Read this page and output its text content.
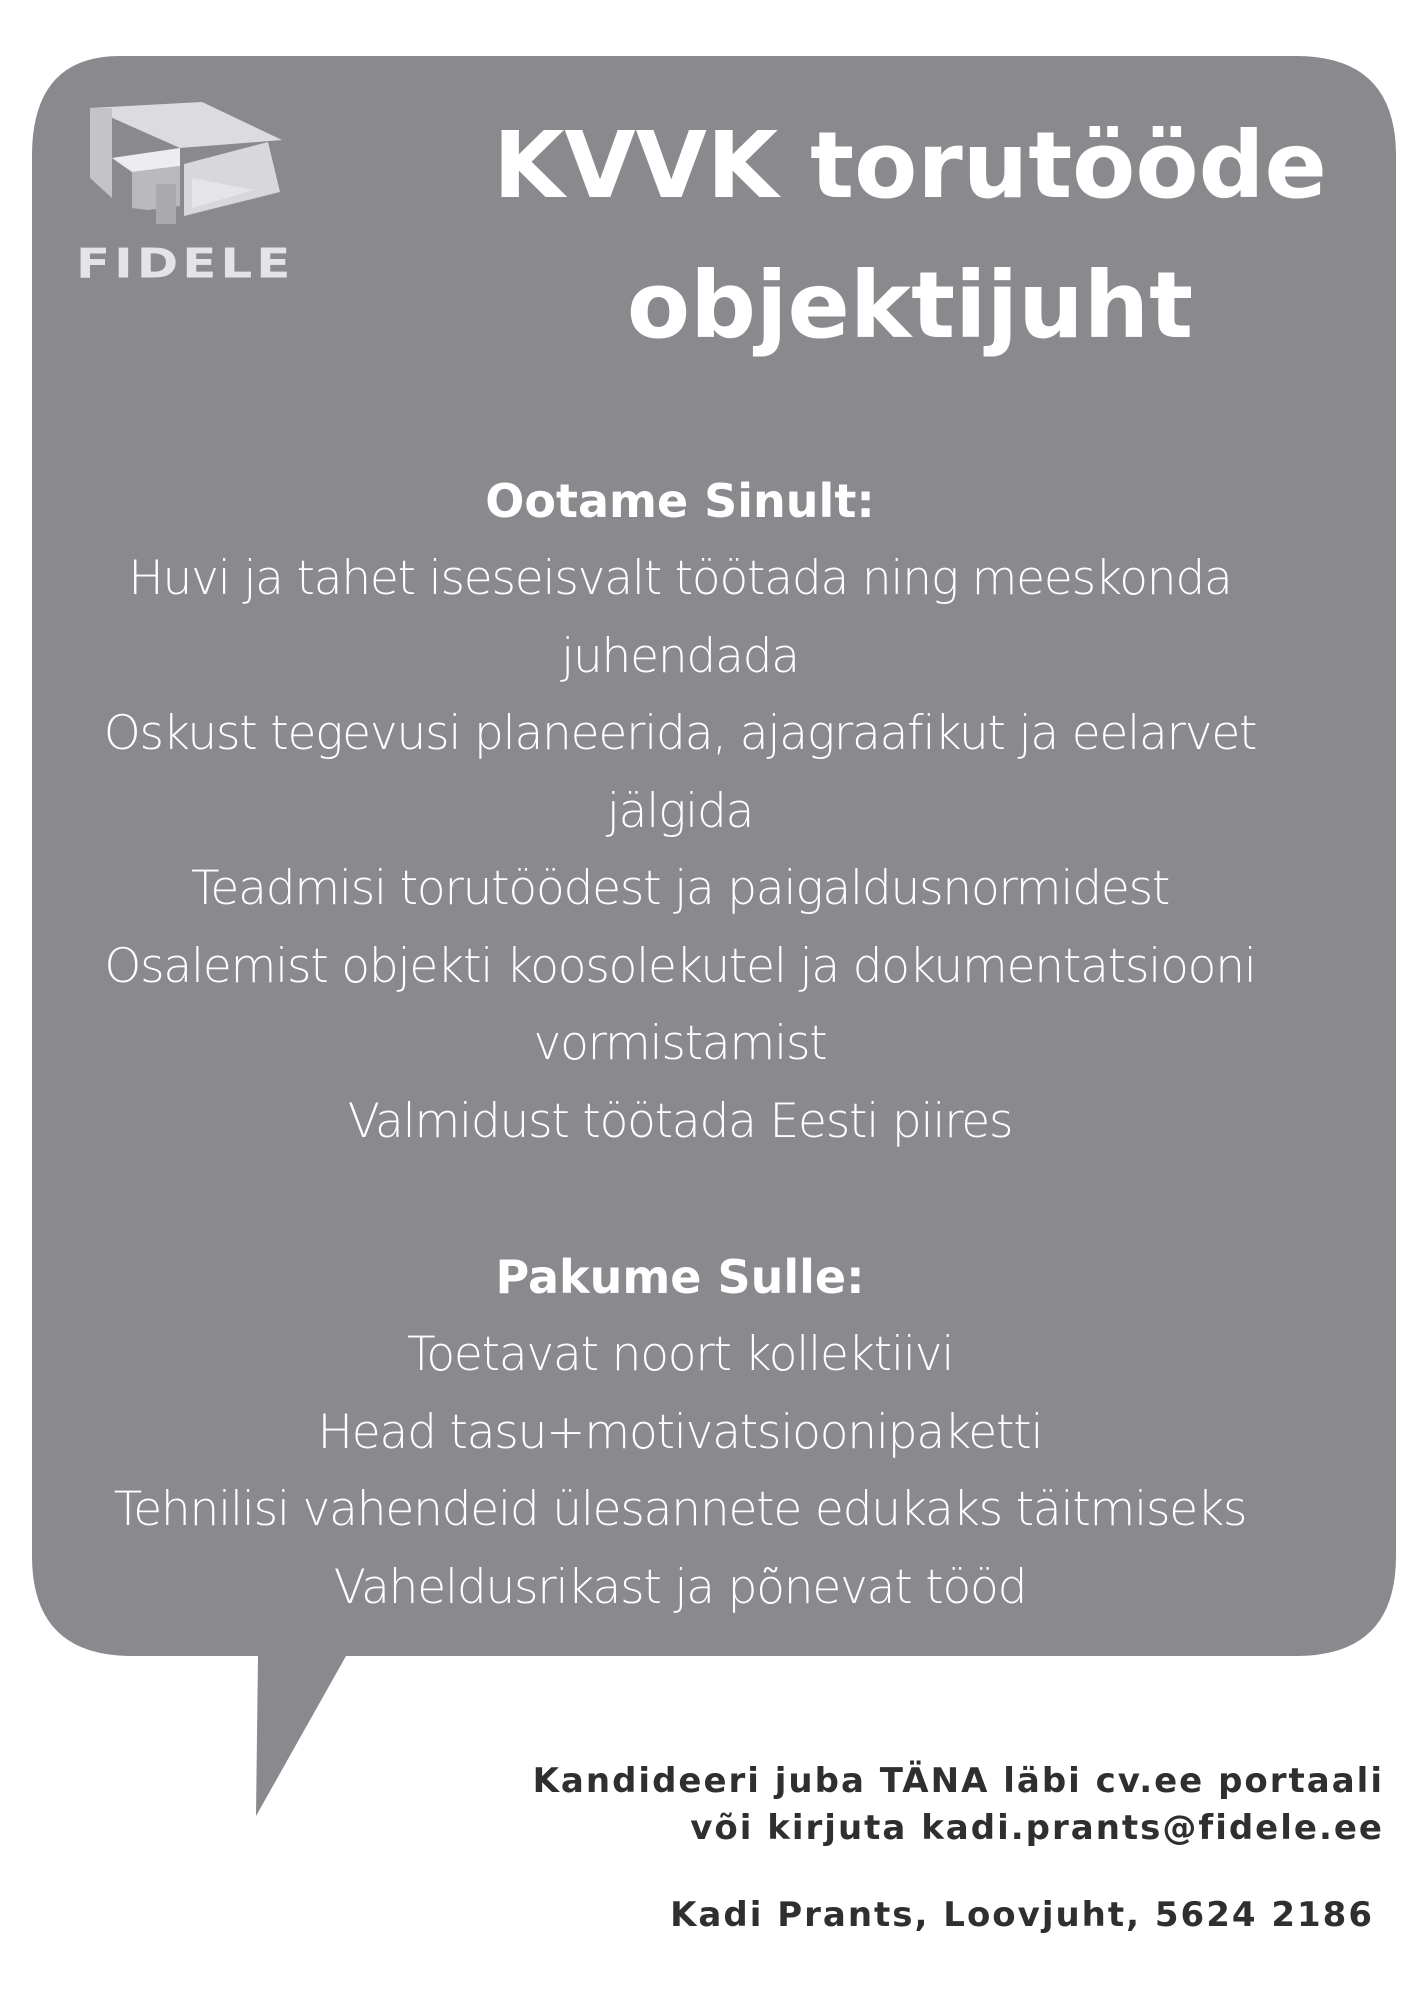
FIDELE
KVVK torutööde
objektijuht
Ootame Sinult:
Huvi ja tahet iseseisvalt töötada ning meeskonda
juhendada
Oskust tegevusi planeerida, ajagraafikut ja eelarvet
jälgida
Teadmisi torutöödest ja paigaldusnormidest
Osalemist objekti koosolekutel ja dokumentatsiooni
vormistamist
Valmidust töötada Eesti piires
Pakume Sulle:
Toetavat noort kollektiivi
Head tasu+motivatsioonipaketti
Tehnilisi vahendeid ülesannete edukaks täitmiseks
Vaheldusrikast ja põnevat tööd
Kandideeri juba TÄNA läbi cv.ee portaali
või kirjuta kadi.prants@fidele.ee
Kadi Prants, Loovjuht, 5624 2186
